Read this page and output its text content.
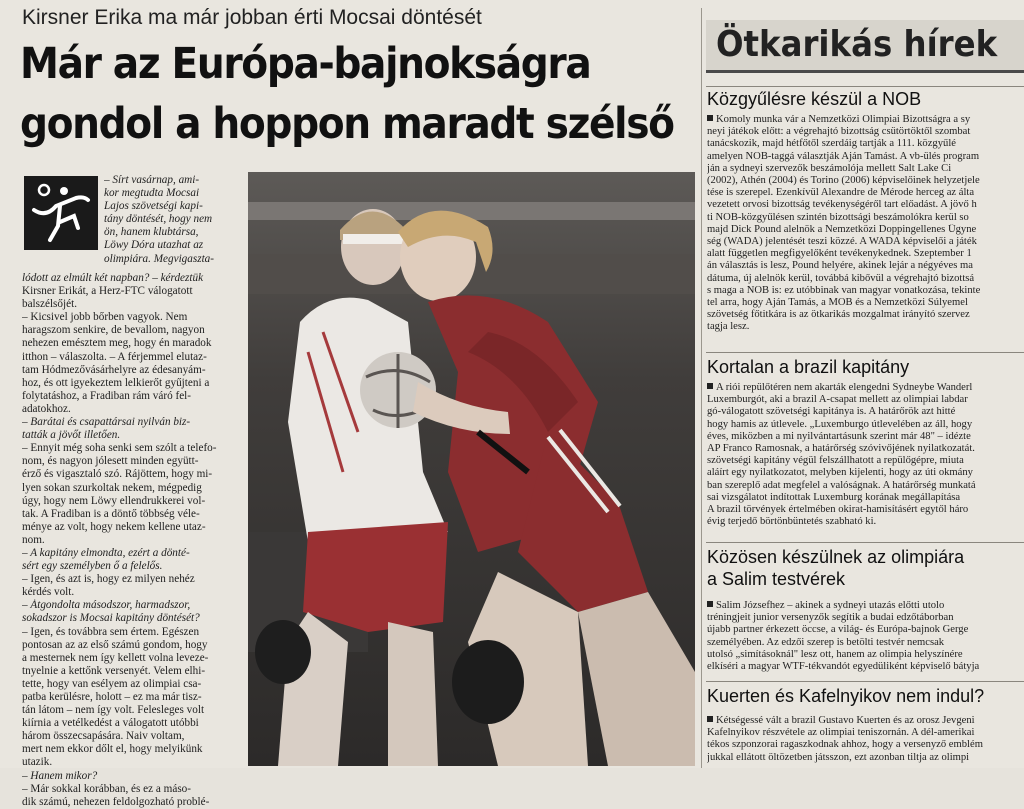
Kirsner Erika ma már jobban érti Mocsai döntését
Már az Európa-bajnokságra
gondol a hoppon maradt szélső
– Sírt vasárnap, ami-
kor megtudta Mocsai
Lajos szövetségi kapi-
tány döntését, hogy nem
ön, hanem klubtársa,
Löwy Dóra utazhat az
olimpiára. Megvigaszta-
lódott az elmúlt két napban? – kérdeztük
Kirsner Erikát, a Herz-FTC válogatott
balszélsőjét.
– Kicsivel jobb bőrben vagyok. Nem
haragszom senkire, de bevallom, nagyon
nehezen emésztem meg, hogy én maradok
itthon – válaszolta. – A férjemmel elutaz-
tam Hódmezővásárhelyre az édesanyám-
hoz, és ott igyekeztem lelkierőt gyűjteni a
folytatáshoz, a Fradiban rám váró fel-
adatokhoz.
– Barátai és csapattársai nyilván biz-
tatták a jövőt illetően.
– Ennyit még soha senki sem szólt a telefo-
nom, és nagyon jólesett minden együtt-
érző és vigasztaló szó. Rájöttem, hogy mi-
lyen sokan szurkoltak nekem, mégpedig
úgy, hogy nem Löwy ellendrukkerei vol-
tak. A Fradiban is a döntő többség véle-
ménye az volt, hogy nekem kellene utaz-
nom.
– A kapitány elmondta, ezért a dönté-
sért egy személyben ő a felelős.
– Igen, és azt is, hogy ez milyen nehéz
kérdés volt.
– Átgondolta másodszor, harmadszor,
sokadszor is Mocsai kapitány döntését?
– Igen, és továbbra sem értem. Egészen
pontosan az az első számú gondom, hogy
a mesternek nem így kellett volna leveze-
tnyelnie a kettőnk versenyét. Velem elhi-
tette, hogy van esélyem az olimpiai csa-
patba kerülésre, holott – ez ma már tisz-
tán látom – nem így volt. Felesleges volt
kiírnia a vetélkedést a válogatott utóbbi
három összecsapására. Naiv voltam,
mert nem ekkor dőlt el, hogy melyikünk
utazik.
– Hanem mikor?
– Már sokkal korábban, és ez a máso-
dik számú, nehezen feldolgozható problé-
Ötkarikás hírek
Közgyűlésre készül a NOB
Komoly munka vár a Nemzetközi Olimpiai Bizottságra a sy
neyi játékok előtt: a végrehajtó bizottság csütörtöktől szombat
tanácskozik, majd hétfőtől szerdáig tartják a 111. közgyűlé
amelyen NOB-taggá választják Aján Tamást. A vb-ülés program
ján a sydneyi szervezők beszámolója mellett Salt Lake Ci
(2002), Athén (2004) és Torino (2006) képviselőinek helyzetjele
tése is szerepel. Ezenkívül Alexandre de Mérode herceg az álta
vezetett orvosi bizottság tevékenységéről tart előadást. A jövő h
ti NOB-közgyűlésen szintén bizottsági beszámolókra kerül so
majd Dick Pound alelnök a Nemzetközi Doppingellenes Ügyne
ség (WADA) jelentését teszi közzé. A WADA képviselői a játék
alatt független megfigyelőként tevékenykednek. Szeptember 1
án választás is lesz, Pound helyére, akinek lejár a négyéves ma
dátuma, új alelnök kerül, továbbá kibővül a végrehajtó bizottsá
s maga a NOB is: ez utóbbinak van magyar vonatkozása, tekinte
tel arra, hogy Aján Tamás, a MOB és a Nemzetközi Súlyemel
szövetség főtitkára is az ötkarikás mozgalmat irányító szervez
tagja lesz.
Kortalan a brazil kapitány
A riói repülőtéren nem akarták elengedni Sydneybe Wanderl
Luxemburgót, aki a brazil A-csapat mellett az olimpiai labdar
gó-válogatott szövetségi kapitánya is. A határőrök azt hitté
hogy hamis az útlevele. „Luxemburgo útlevelében az áll, hogy
éves, miközben a mi nyilvántartásunk szerint már 48" – idézte
AP Franco Ramosnak, a határőrség szóvivőjének nyilatkozatát.
szövetségi kapitány végül felszállhatott a repülőgépre, miuta
aláírt egy nyilatkozatot, melyben kijelenti, hogy az úti okmány
ban szereplő adat megfelel a valóságnak. A határőrség munkatá
sai vizsgálatot indítottak Luxemburg korának megállapítása
A brazil törvények értelmében okirat-hamisításért egytől háro
évig terjedő börtönbüntetés szabható ki.
Közösen készülnek az olimpiára
a Salim testvérek
Salim Józsefhez – akinek a sydneyi utazás előtti utolo
tréningjeit junior versenyzők segítik a budai edzőtáborban
újabb partner érkezett öccse, a világ- és Európa-bajnok Gerge
személyében. Az edzői szerep is betölti testvér nemcsak
utolsó „simításoknál" lesz ott, hanem az olimpia helyszínére
elkíséri a magyar WTF-tékvandót egyedüliként képviselő bátyja
Kuerten és Kafelnyikov nem indul?
Kétségessé vált a brazil Gustavo Kuerten és az orosz Jevgeni
Kafelnyikov részvétele az olimpiai teniszornán. A dél-amerikai
tékos szponzorai ragaszkodnak ahhoz, hogy a versenyző emblém
jukkal ellátott öltözetben játsszon, ezt azonban tiltja az olimpi
